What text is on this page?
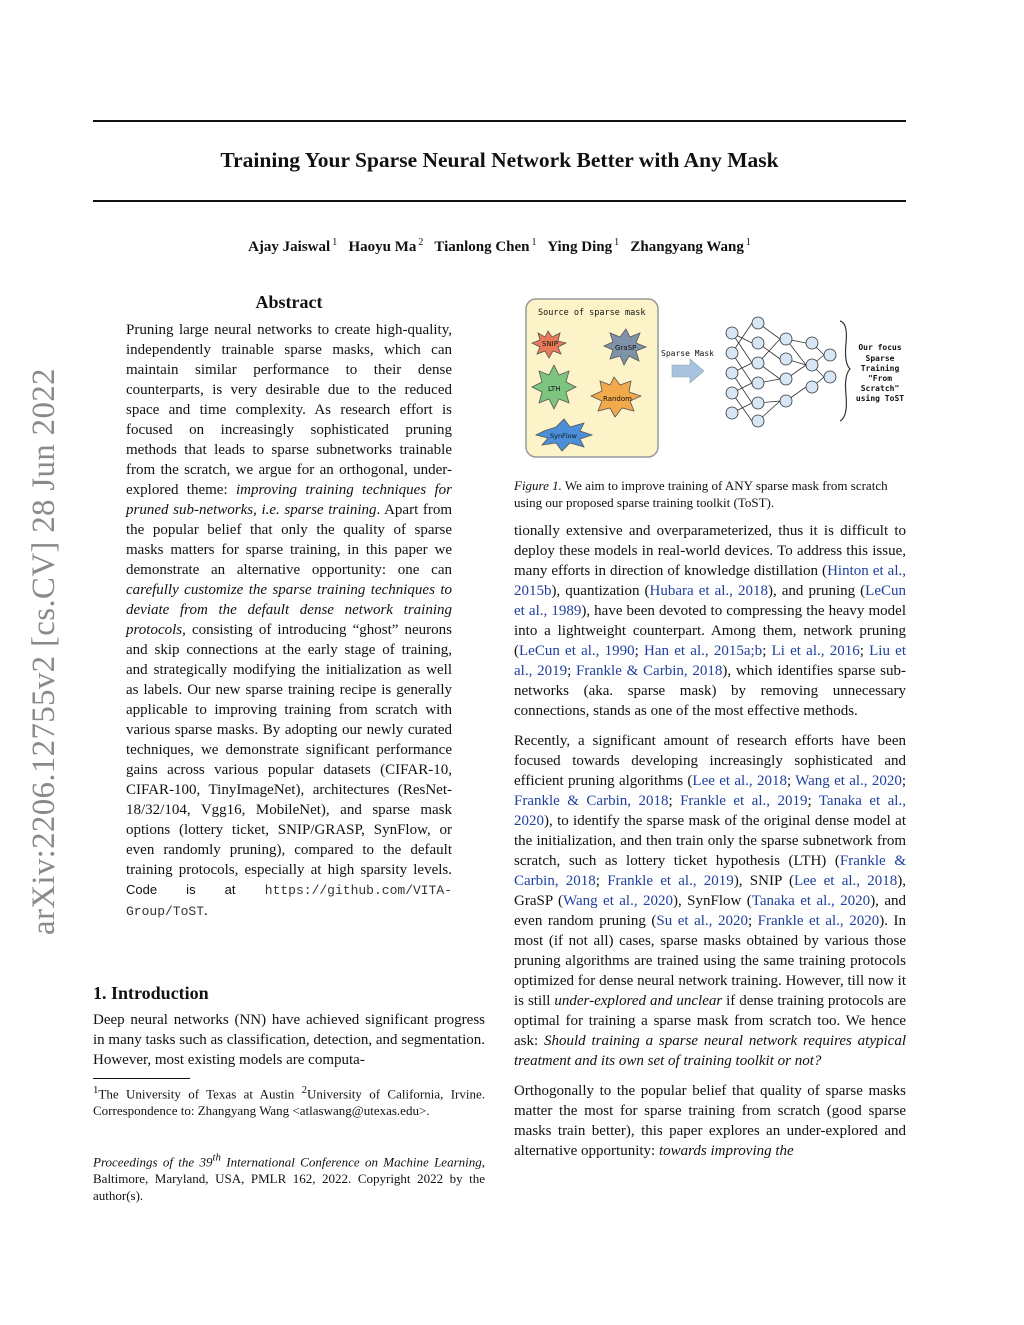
arXiv:2206.12755v2 [cs.CV] 28 Jun 2022
Training Your Sparse Neural Network Better with Any Mask
Ajay Jaiswal $^1$ Haoyu Ma $^2$ Tianlong Chen $^1$ Ying Ding $^1$ Zhangyang Wang $^1$
Abstract
Pruning large neural networks to create high-quality, independently trainable sparse masks, which can maintain similar performance to their dense counterparts, is very desirable due to the reduced space and time complexity. As research effort is focused on increasingly sophisticated pruning methods that leads to sparse subnetworks trainable from the scratch, we argue for an orthogonal, under-explored theme: improving training techniques for pruned sub-networks, i.e. sparse training. Apart from the popular belief that only the quality of sparse masks matters for sparse training, in this paper we demonstrate an alternative opportunity: one can carefully customize the sparse training techniques to deviate from the default dense network training protocols, consisting of introducing “ghost” neurons and skip connections at the early stage of training, and strategically modifying the initialization as well as labels. Our new sparse training recipe is generally applicable to improving training from scratch with various sparse masks. By adopting our newly curated techniques, we demonstrate significant performance gains across various popular datasets (CIFAR-10, CIFAR-100, TinyImageNet), architectures (ResNet-18/32/104, Vgg16, MobileNet), and sparse mask options (lottery ticket, SNIP/GRASP, SynFlow, or even randomly pruning), compared to the default training protocols, especially at high sparsity levels. Code is at https://github.com/VITA-Group/ToST.
1. Introduction
Deep neural networks (NN) have achieved significant progress in many tasks such as classification, detection, and segmentation. However, most existing models are computa-
$^1$The University of Texas at Austin $^2$University of California, Irvine. Correspondence to: Zhangyang Wang <atlaswang@utexas.edu>.
Proceedings of the 39th International Conference on Machine Learning, Baltimore, Maryland, USA, PMLR 162, 2022. Copyright 2022 by the author(s).
Source of sparse mask
SNIP	GraSP
LTH
Random
SynFlow
Sparse Mask
Our focus
Sparse
Training
"From
Scratch"
using ToST
Figure 1. We aim to improve training of ANY sparse mask from scratch using our proposed sparse training toolkit (ToST).

tionally extensive and overparameterized, thus it is difficult to deploy these models in real-world devices. To address this issue, many efforts in direction of knowledge distillation (Hinton et al., 2015b), quantization (Hubara et al., 2018), and pruning (LeCun et al., 1989), have been devoted to compressing the heavy model into a lightweight counterpart. Among them, network pruning (LeCun et al., 1990; Han et al., 2015a;b; Li et al., 2016; Liu et al., 2019; Frankle & Carbin, 2018), which identifies sparse sub-networks (aka. sparse mask) by removing unnecessary connections, stands as one of the most effective methods.

Recently, a significant amount of research efforts have been focused towards developing increasingly sophisticated and efficient pruning algorithms (Lee et al., 2018; Wang et al., 2020; Frankle & Carbin, 2018; Frankle et al., 2019; Tanaka et al., 2020), to identify the sparse mask of the original dense model at the initialization, and then train only the sparse subnetwork from scratch, such as lottery ticket hypothesis (LTH) (Frankle & Carbin, 2018; Frankle et al., 2019), SNIP (Lee et al., 2018), GraSP (Wang et al., 2020), SynFlow (Tanaka et al., 2020), and even random pruning (Su et al., 2020; Frankle et al., 2020). In most (if not all) cases, sparse masks obtained by various those pruning algorithms are trained using the same training protocols optimized for dense neural network training. However, till now it is still under-explored and unclear if dense training protocols are optimal for training a sparse mask from scratch too. We hence ask: Should training a sparse neural network requires atypical treatment and its own set of training toolkit or not?

Orthogonally to the popular belief that quality of sparse masks matter the most for sparse training from scratch (good sparse masks train better), this paper explores an under-explored and alternative opportunity: towards improving the
